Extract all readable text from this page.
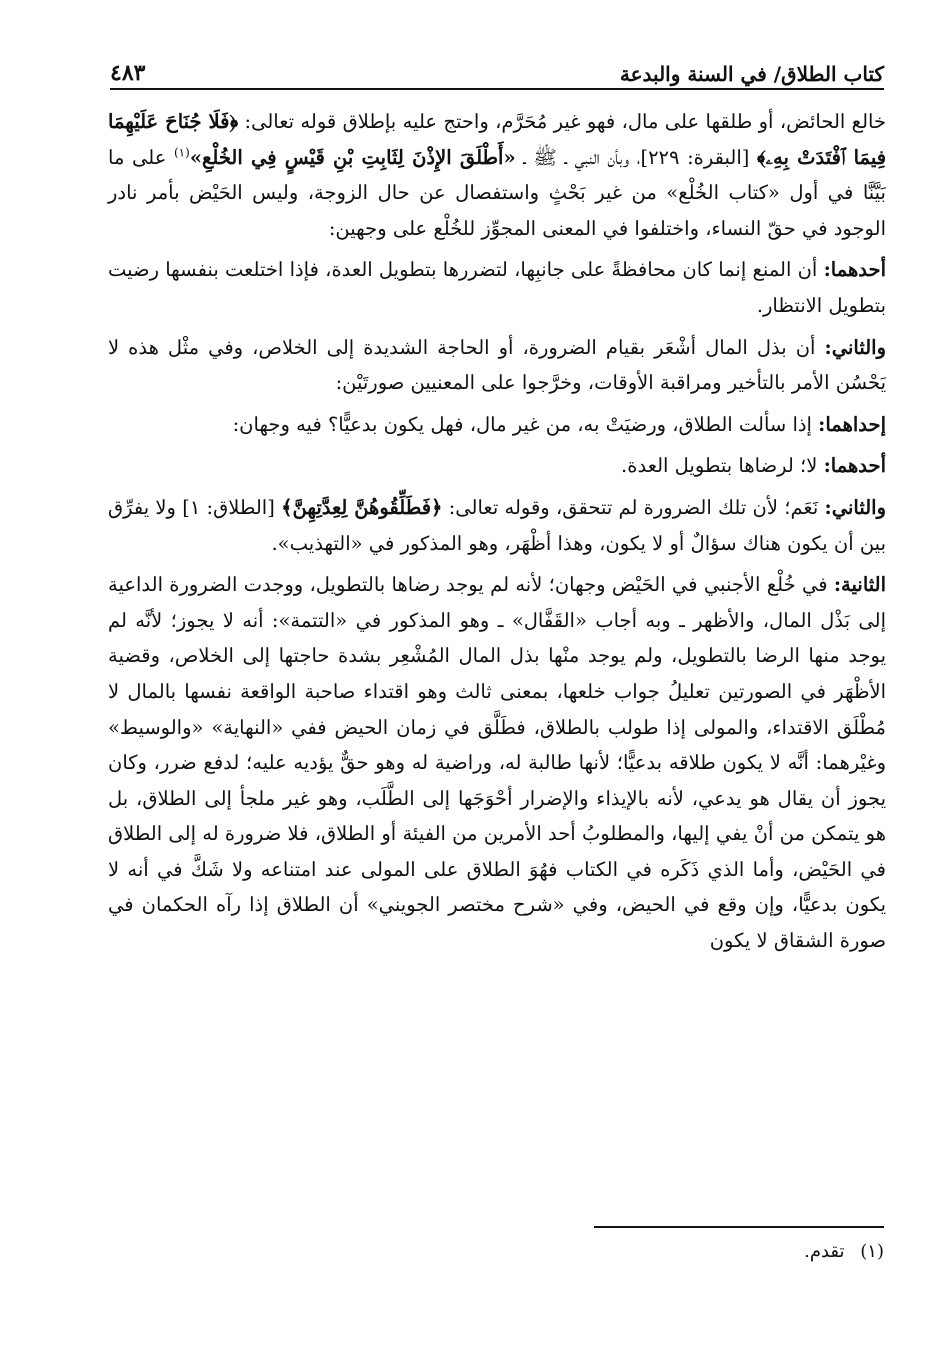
كتاب الطلاق/ في السنة والبدعة
٤٨٣

خالع الحائض، أو طلقها على مال، فهو غير مُحَرَّم، واحتج عليه بإطلاق قوله تعالى: ﴿فَلَا جُنَاحَ عَلَيْهِمَا فِيمَا ٱفْتَدَتْ بِهِۦ﴾ [البقرة: ٢٢٩]، وبأن النبي ـ ﷺ ـ «أَطْلَقَ الإِذْنَ لِثَابِتِ بْنِ قَيْسٍ فِي الخُلْعِ»$^{(١)}$ على ما بَيَّنَّا في أول «كتاب الخُلْع» من غير بَحْثٍ واستفصال عن حال الزوجة، وليس الحَيْض بأمر نادر الوجود في حقّ النساء، واختلفوا في المعنى المجوِّز للخُلْع على وجهين:

أحدهما: أن المنع إنما كان محافظةً على جانبِها، لتضررها بتطويل العدة، فإذا اختلعت بنفسها رضيت بتطويل الانتظار.

والثاني: أن بذل المال أشْعَر بقيام الضرورة، أو الحاجة الشديدة إلى الخلاص، وفي مثْل هذه لا يَحْسُن الأمر بالتأخير ومراقبة الأوقات، وخرَّجوا على المعنيين صورتَيْن:

إحداهما: إذا سألت الطلاق، ورضيَتْ به، من غير مال، فهل يكون بدعيًّا؟ فيه وجهان:

أحدهما: لا؛ لرضاها بتطويل العدة.

والثاني: نَعَم؛ لأن تلك الضرورة لم تتحقق، وقوله تعالى: ﴿فَطَلِّقُوهُنَّ لِعِدَّتِهِنَّ﴾ [الطلاق: ١] ولا يفرِّق بين أن يكون هناك سؤالٌ أو لا يكون، وهذا أظْهَر، وهو المذكور في «التهذيب».

الثانية: في خُلْع الأجنبي في الحَيْض وجهان؛ لأنه لم يوجد رضاها بالتطويل، ووجدت الضرورة الداعية إلى بَذْل المال، والأظهر ـ وبه أجاب «القَفَّال» ـ وهو المذكور في «التتمة»: أنه لا يجوز؛ لأنَّه لم يوجد منها الرضا بالتطويل، ولم يوجد منْها بذل المال المُشْعِر بشدة حاجتها إلى الخلاص، وقضية الأظْهَر في الصورتين تعليلُ جواب خلعها، بمعنى ثالث وهو اقتداء صاحبة الواقعة نفسها بالمال لا مُطْلَق الاقتداء، والمولى إذا طولب بالطلاق، فطَلَّق في زمان الحيض ففي «النهاية» «والوسيط» وغيْرهما: أنَّه لا يكون طلاقه بدعيًّا؛ لأنها طالبة له، وراضية له وهو حقٌّ يؤديه عليه؛ لدفع ضرر، وكان يجوز أن يقال هو يدعي، لأنه بالإيذاء والإضرار أحْوَجَها إلى الطَّلَب، وهو غير ملجأ إلى الطلاق، بل هو يتمكن من أنْ يفي إليها، والمطلوبُ أحد الأمرين من الفيئة أو الطلاق، فلا ضرورة له إلى الطلاق في الحَيْض، وأما الذي ذَكَره في الكتاب فهُوَ الطلاق على المولى عند امتناعه ولا شَكَّ في أنه لا يكون بدعيًّا، وإن وقع في الحيض، وفي «شرح مختصر الجويني» أن الطلاق إذا رآه الحكمان في صورة الشقاق لا يكون

(١) تقدم.
